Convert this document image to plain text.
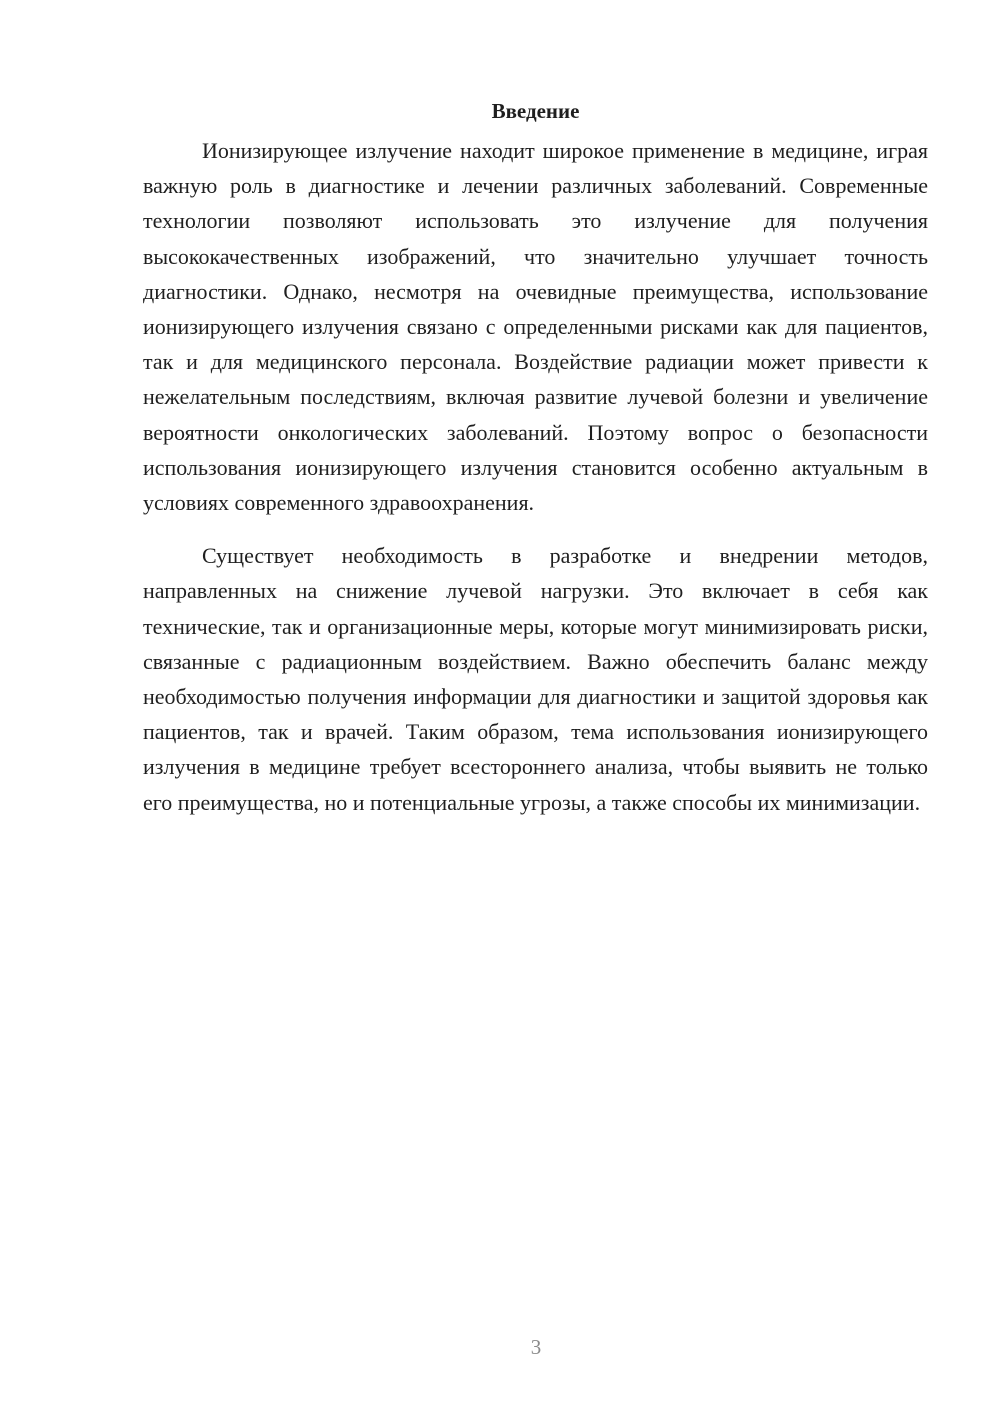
Введение

Ионизирующее излучение находит широкое применение в медицине, играя важную роль в диагностике и лечении различных заболеваний. Современные технологии позволяют использовать это излучение для получения высококачественных изображений, что значительно улучшает точность диагностики. Однако, несмотря на очевидные преимущества, использование ионизирующего излучения связано с определенными рисками как для пациентов, так и для медицинского персонала. Воздействие радиации может привести к нежелательным последствиям, включая развитие лучевой болезни и увеличение вероятности онкологических заболеваний. Поэтому вопрос о безопасности использования ионизирующего излучения становится особенно актуальным в условиях современного здравоохранения.

Существует необходимость в разработке и внедрении методов, направленных на снижение лучевой нагрузки. Это включает в себя как технические, так и организационные меры, которые могут минимизировать риски, связанные с радиационным воздействием. Важно обеспечить баланс между необходимостью получения информации для диагностики и защитой здоровья как пациентов, так и врачей. Таким образом, тема использования ионизирующего излучения в медицине требует всестороннего анализа, чтобы выявить не только его преимущества, но и потенциальные угрозы, а также способы их минимизации.

3
